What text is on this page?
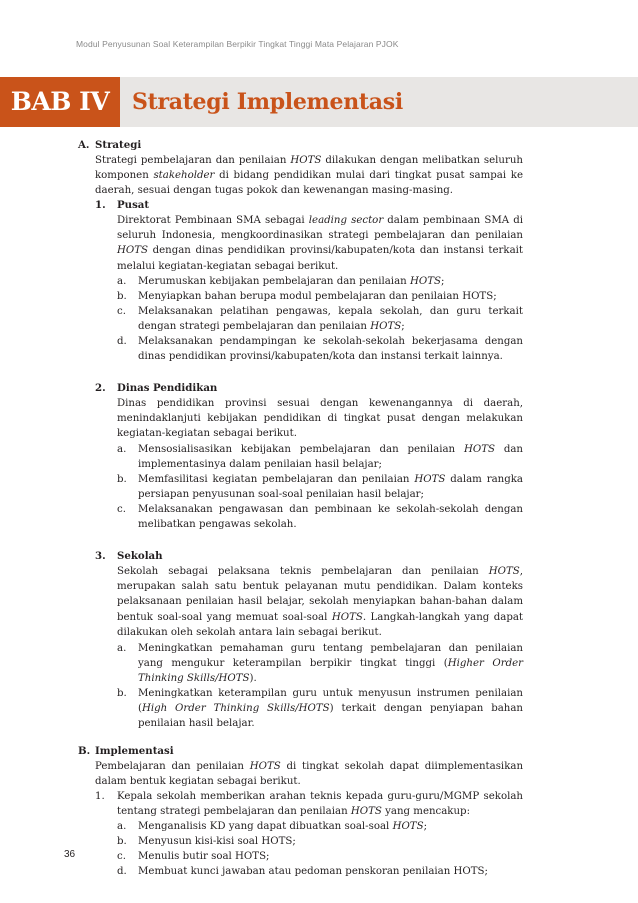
Modul Penyusunan Soal Keterampilan Berpikir Tingkat Tinggi Mata Pelajaran PJOK
BAB IV	Strategi Implementasi
A. Strategi
Strategi pembelajaran dan penilaian HOTS dilakukan dengan melibatkan seluruh komponen stakeholder di bidang pendidikan mulai dari tingkat pusat sampai ke daerah, sesuai dengan tugas pokok dan kewenangan masing-masing.
1. Pusat
Direktorat Pembinaan SMA sebagai leading sector dalam pembinaan SMA di seluruh Indonesia, mengkoordinasikan strategi pembelajaran dan penilaian HOTS dengan dinas pendidikan provinsi/kabupaten/kota dan instansi terkait melalui kegiatan-kegiatan sebagai berikut.
a. Merumuskan kebijakan pembelajaran dan penilaian HOTS;
b. Menyiapkan bahan berupa modul pembelajaran dan penilaian HOTS;
c. Melaksanakan pelatihan pengawas, kepala sekolah, dan guru terkait dengan strategi pembelajaran dan penilaian HOTS;
d. Melaksanakan pendampingan ke sekolah-sekolah bekerjasama dengan dinas pendidikan provinsi/kabupaten/kota dan instansi terkait lainnya.
2. Dinas Pendidikan
Dinas pendidikan provinsi sesuai dengan kewenangannya di daerah, menindaklanjuti kebijakan pendidikan di tingkat pusat dengan melakukan kegiatan-kegiatan sebagai berikut.
a. Mensosialisasikan kebijakan pembelajaran dan penilaian HOTS dan implementasinya dalam penilaian hasil belajar;
b. Memfasilitasi kegiatan pembelajaran dan penilaian HOTS dalam rangka persiapan penyusunan soal-soal penilaian hasil belajar;
c. Melaksanakan pengawasan dan pembinaan ke sekolah-sekolah dengan melibatkan pengawas sekolah.
3. Sekolah
Sekolah sebagai pelaksana teknis pembelajaran dan penilaian HOTS, merupakan salah satu bentuk pelayanan mutu pendidikan. Dalam konteks pelaksanaan penilaian hasil belajar, sekolah menyiapkan bahan-bahan dalam bentuk soal-soal yang memuat soal-soal HOTS. Langkah-langkah yang dapat dilakukan oleh sekolah antara lain sebagai berikut.
a. Meningkatkan pemahaman guru tentang pembelajaran dan penilaian yang mengukur keterampilan berpikir tingkat tinggi (Higher Order Thinking Skills/HOTS).
b. Meningkatkan keterampilan guru untuk menyusun instrumen penilaian (High Order Thinking Skills/HOTS) terkait dengan penyiapan bahan penilaian hasil belajar.
B. Implementasi
Pembelajaran dan penilaian HOTS di tingkat sekolah dapat diimplementasikan dalam bentuk kegiatan sebagai berikut.
1. Kepala sekolah memberikan arahan teknis kepada guru-guru/MGMP sekolah tentang strategi pembelajaran dan penilaian HOTS yang mencakup:
a. Menganalisis KD yang dapat dibuatkan soal-soal HOTS;
b. Menyusun kisi-kisi soal HOTS;
c. Menulis butir soal HOTS;
d. Membuat kunci jawaban atau pedoman penskoran penilaian HOTS;
36
